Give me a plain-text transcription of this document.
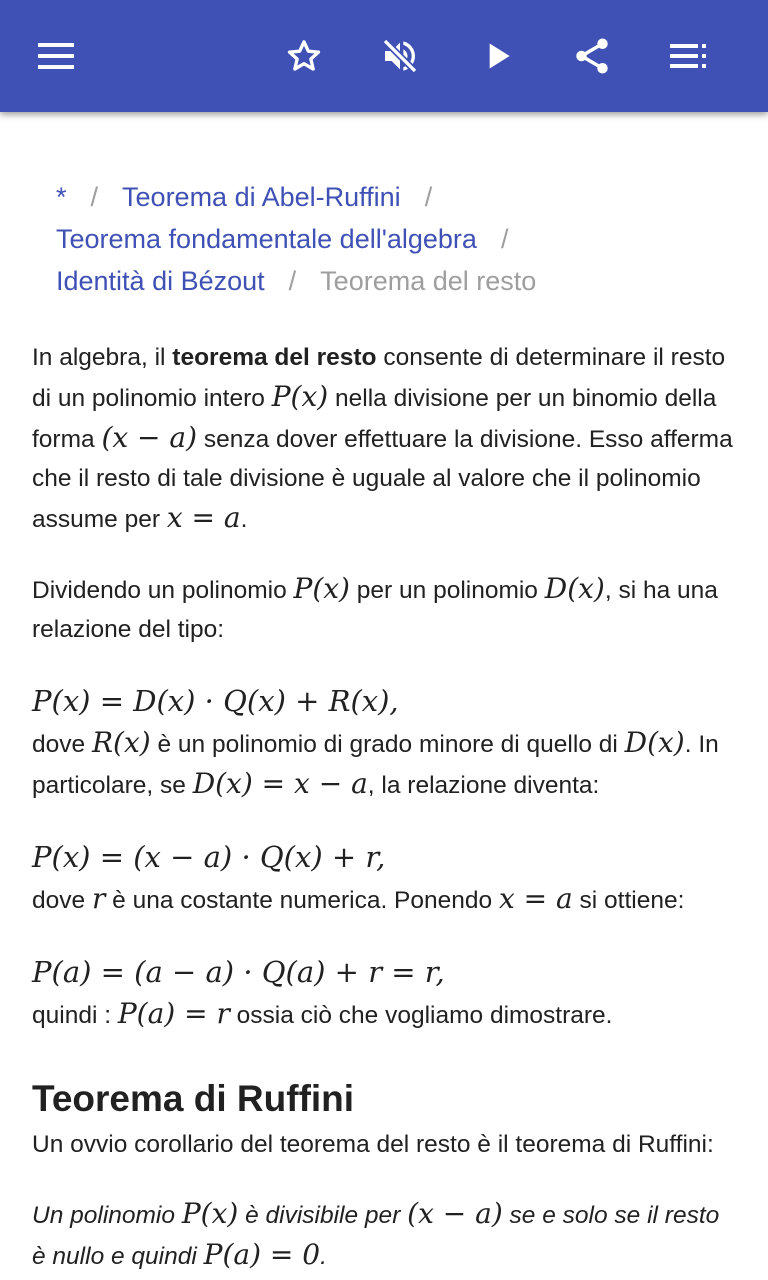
* / Teorema di Abel-Ruffini /
Teorema fondamentale dell'algebra /
Identità di Bézout / Teorema del resto

In algebra, il teorema del resto consente di determinare il resto di un polinomio intero P(x) nella divisione per un binomio della forma (x − a) senza dover effettuare la divisione. Esso afferma che il resto di tale divisione è uguale al valore che il polinomio assume per x = a.

Dividendo un polinomio P(x) per un polinomio D(x), si ha una relazione del tipo:

P(x) = D(x) · Q(x) + R(x),

dove R(x) è un polinomio di grado minore di quello di D(x). In particolare, se D(x) = x − a, la relazione diventa:

P(x) = (x − a) · Q(x) + r,

dove r è una costante numerica. Ponendo x = a si ottiene:

P(a) = (a − a) · Q(a) + r = r,

quindi : P(a) = r ossia ciò che vogliamo dimostrare.

Teorema di Ruffini

Un ovvio corollario del teorema del resto è il teorema di Ruffini:

Un polinomio P(x) è divisibile per (x − a) se e solo se il resto è nullo e quindi P(a) = 0.
